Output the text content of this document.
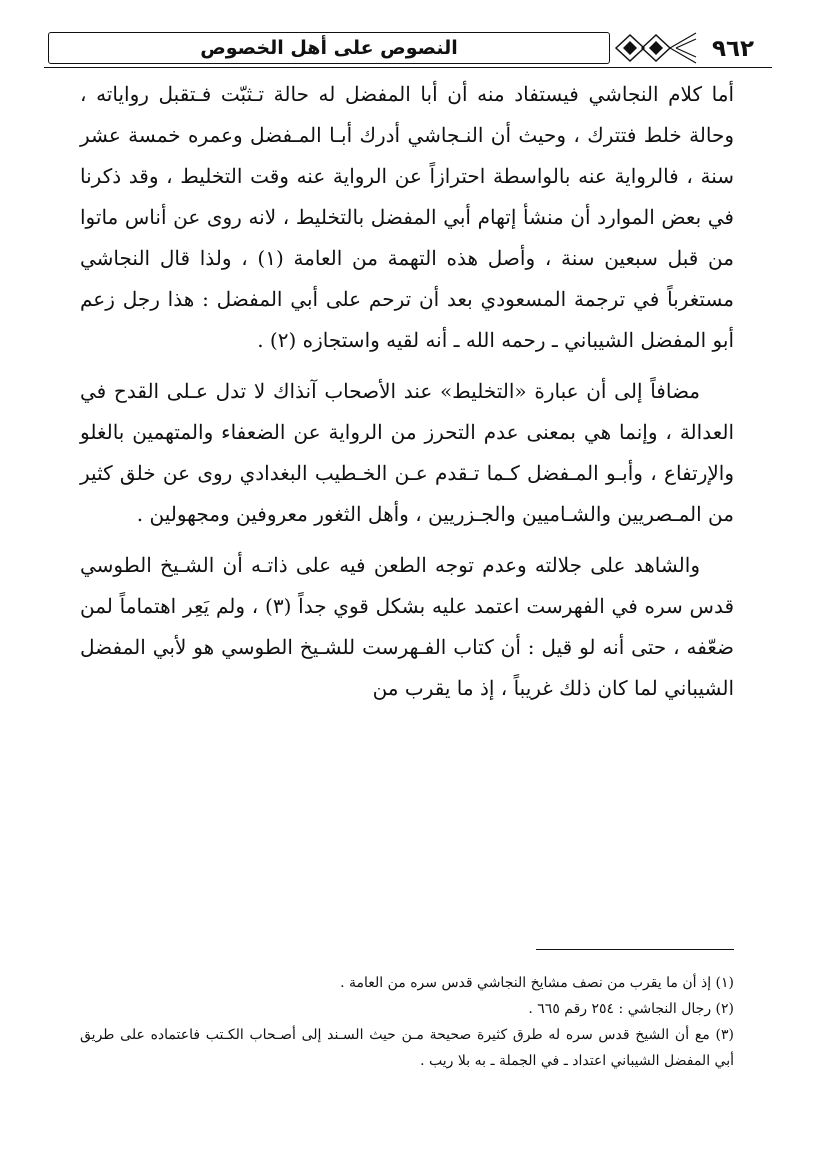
النصوص على أهل الخصوص	٩٦٢

أما كلام النجاشي فيستفاد منه أن أبا المفضل له حالة تـثبّت فـتقبل رواياته ، وحالة خلط فتترك ، وحيث أن النـجاشي أدرك أبـا المـفضل وعمره خمسة عشر سنة ، فالرواية عنه بالواسطة احترازاً عن الرواية عنه وقت التخليط ، وقد ذكرنا في بعض الموارد أن منشأ إتهام أبي المفضل بالتخليط ، لانه روى عن أناس ماتوا من قبل سبعين سنة ، وأصل هذه التهمة من العامة (١) ، ولذا قال النجاشي مستغرباً في ترجمة المسعودي بعد أن ترحم على أبي المفضل : هذا رجل زعم أبو المفضل الشيباني ـ رحمه الله ـ أنه لقيه واستجازه (٢) .

مضافاً إلى أن عبارة «التخليط» عند الأصحاب آنذاك لا تدل عـلى القدح في العدالة ، وإنما هي بمعنى عدم التحرز من الرواية عن الضعفاء والمتهمين بالغلو والإرتفاع ، وأبـو المـفضل كـما تـقدم عـن الخـطيب البغدادي روى عن خلق كثير من المـصريين والشـاميين والجـزريين ، وأهل الثغور معروفين ومجهولين .

والشاهد على جلالته وعدم توجه الطعن فيه على ذاتـه أن الشـيخ الطوسي قدس سره في الفهرست اعتمد عليه بشكل قوي جداً (٣) ، ولم يَعِر اهتماماً لمن ضعّفه ، حتى أنه لو قيل : أن كتاب الفـهرست للشـيخ الطوسي هو لأبي المفضل الشيباني لما كان ذلك غريباً ، إذ ما يقرب من

(١) إذ أن ما يقرب من نصف مشايخ النجاشي قدس سره من العامة .

(٢) رجال النجاشي : ٢٥٤ رقم ٦٦٥ .

(٣) مع أن الشيخ قدس سره له طرق كثيرة صحيحة مـن حيث السـند إلى أصـحاب الكـتب فاعتماده على طريق أبي المفضل الشيباني اعتداد ـ في الجملة ـ به بلا ريب .
